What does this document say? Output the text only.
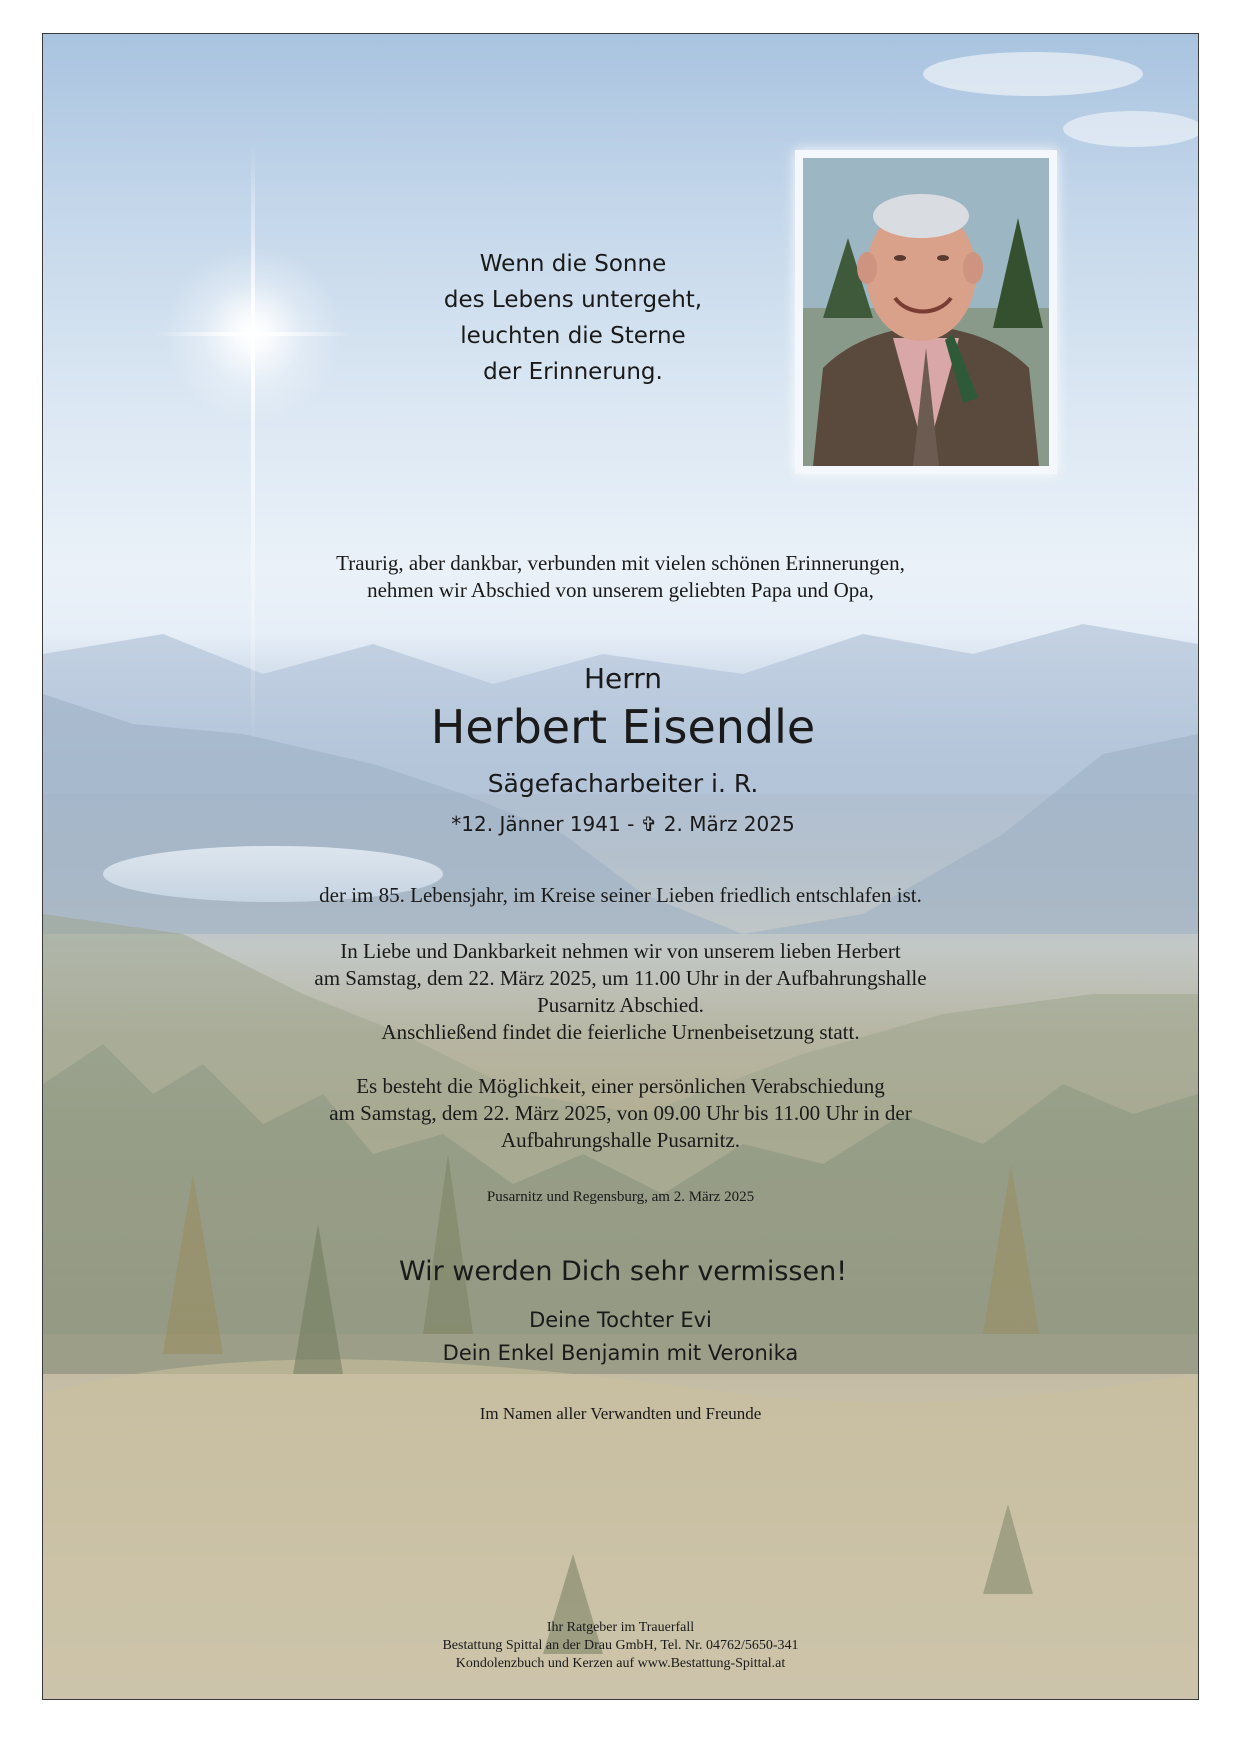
Wenn die Sonne
des Lebens untergeht,
leuchten die Sterne
der Erinnerung.
Traurig, aber dankbar, verbunden mit vielen schönen Erinnerungen,
nehmen wir Abschied von unserem geliebten Papa und Opa,
Herrn
Herbert Eisendle
Sägefacharbeiter i. R.
*12. Jänner 1941 - ✞ 2. März 2025
der im 85. Lebensjahr, im Kreise seiner Lieben friedlich entschlafen ist.
In Liebe und Dankbarkeit nehmen wir von unserem lieben Herbert
am Samstag, dem 22. März 2025, um 11.00 Uhr in der Aufbahrungshalle
Pusarnitz Abschied.
Anschließend findet die feierliche Urnenbeisetzung statt.
Es besteht die Möglichkeit, einer persönlichen Verabschiedung
am Samstag, dem 22. März 2025, von 09.00 Uhr bis 11.00 Uhr in der
Aufbahrungshalle Pusarnitz.
Pusarnitz und Regensburg, am 2. März 2025
Wir werden Dich sehr vermissen!
Deine Tochter Evi
Dein Enkel Benjamin mit Veronika
Im Namen aller Verwandten und Freunde
Ihr Ratgeber im Trauerfall
Bestattung Spittal an der Drau GmbH, Tel. Nr. 04762/5650-341
Kondolenzbuch und Kerzen auf www.Bestattung-Spittal.at
